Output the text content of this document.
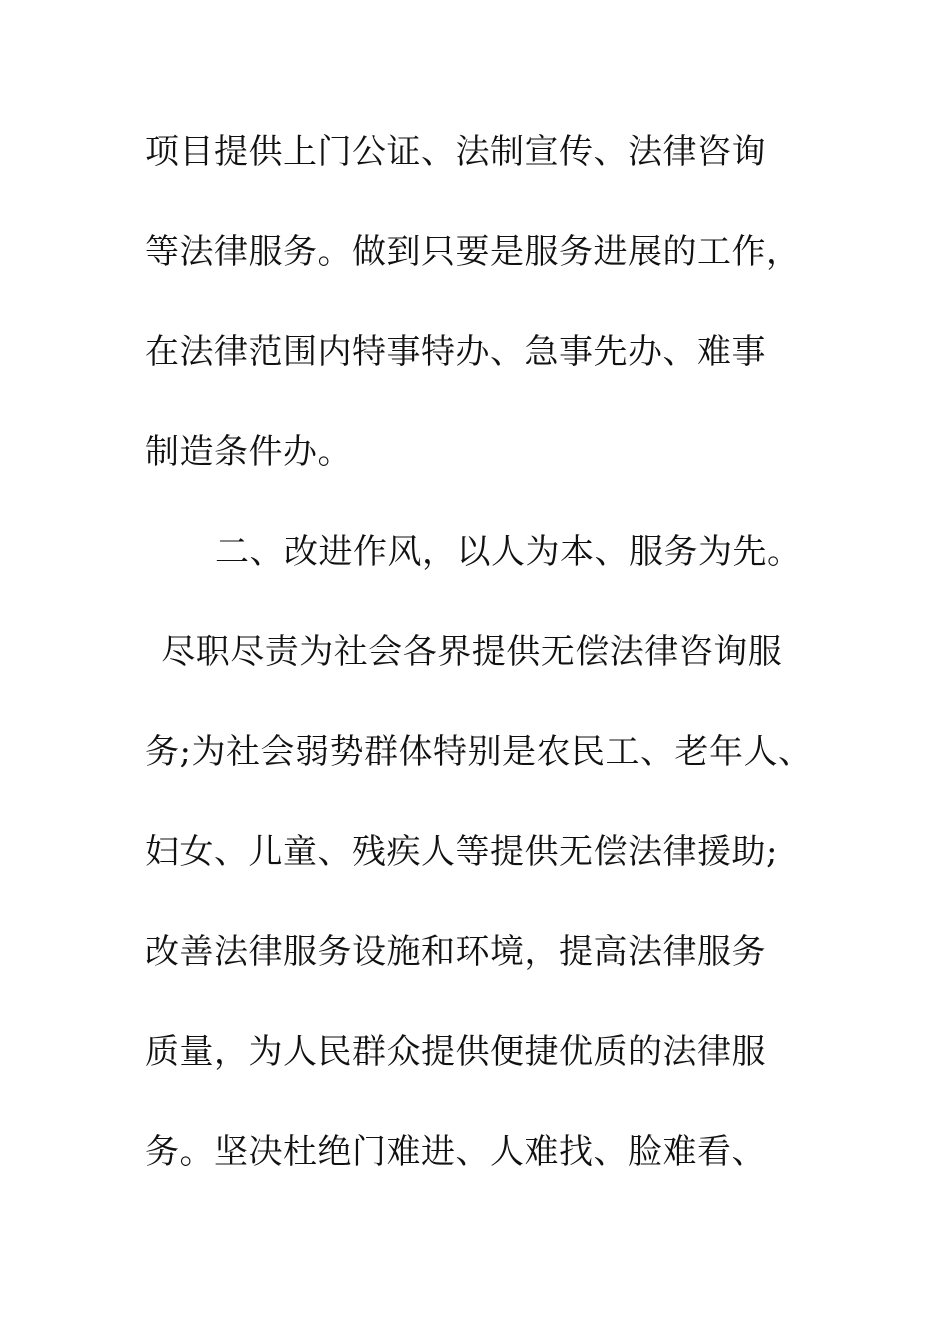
项目提供上门公证、法制宣传、法律咨询
等法律服务。做到只要是服务进展的工作，
在法律范围内特事特办、急事先办、难事
制造条件办。
二、改进作风，以人为本、服务为先。
尽职尽责为社会各界提供无偿法律咨询服
务;为社会弱势群体特别是农民工、老年人、
妇女、儿童、残疾人等提供无偿法律援助;
改善法律服务设施和环境，提高法律服务
质量，为人民群众提供便捷优质的法律服
务。坚决杜绝门难进、人难找、脸难看、
